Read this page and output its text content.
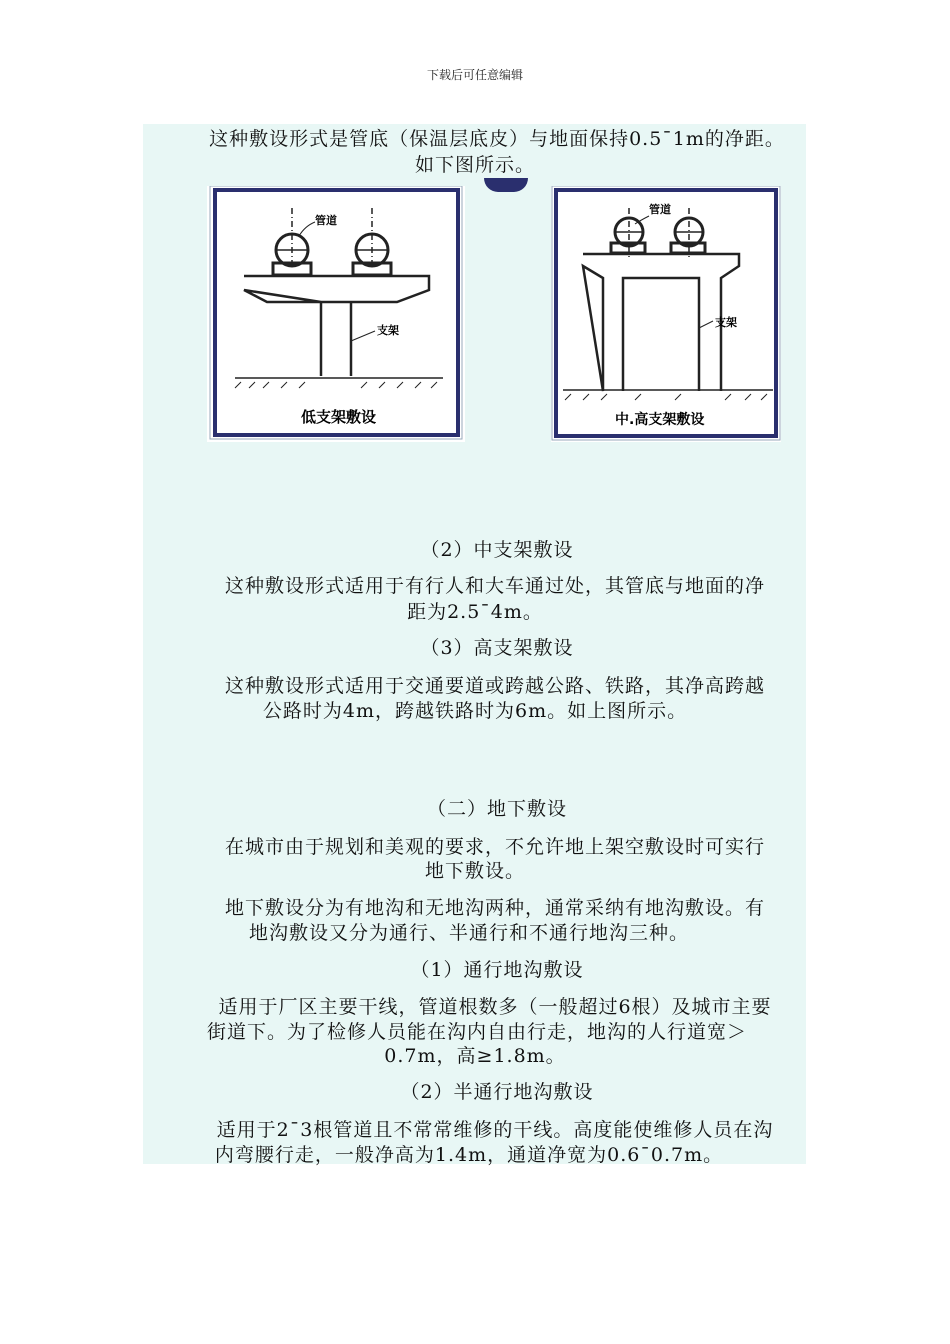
下载后可任意编辑
这种敷设形式是管底（保温层底皮）与地面保持0.5¯1m的净距。
如下图所示。
管道
支架
低支架敷设
管道
支架
中.高支架敷设
（2）中支架敷设
这种敷设形式适用于有行人和大车通过处，其管底与地面的净
距为2.5¯4m。
（3）高支架敷设
这种敷设形式适用于交通要道或跨越公路、铁路，其净高跨越
公路时为4m，跨越铁路时为6m。如上图所示。
（二）地下敷设
在城市由于规划和美观的要求，不允许地上架空敷设时可实行
地下敷设。
地下敷设分为有地沟和无地沟两种，通常采纳有地沟敷设。有
地沟敷设又分为通行、半通行和不通行地沟三种。
（1）通行地沟敷设
适用于厂区主要干线，管道根数多（一般超过6根）及城市主要
街道下。为了检修人员能在沟内自由行走，地沟的人行道宽＞
0.7m，高≥1.8m。
（2）半通行地沟敷设
适用于2¯3根管道且不常常维修的干线。高度能使维修人员在沟
内弯腰行走，一般净高为1.4m，通道净宽为0.6¯0.7m。
